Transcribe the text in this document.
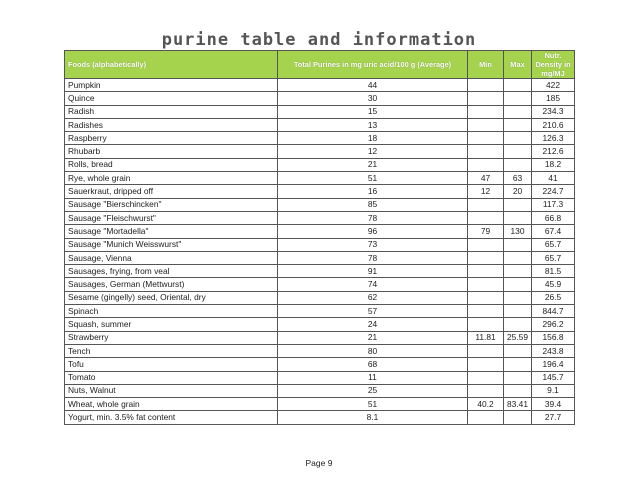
purine table and information
Foods (alphabetically)	Total Purines in mg uric acid/100 g (Average)	Min	Max	Nutr. Density in mg/MJ
Pumpkin	44			422
Quince	30			185
Radish	15			234.3
Radishes	13			210.6
Raspberry	18			126.3
Rhubarb	12			212.6
Rolls, bread	21			18.2
Rye, whole grain	51	47	63	41
Sauerkraut, dripped off	16	12	20	224.7
Sausage "Bierschincken"	85			117.3
Sausage "Fleischwurst"	78			66.8
Sausage "Mortadella"	96	79	130	67.4
Sausage "Munich Weisswurst"	73			65.7
Sausage, Vienna	78			65.7
Sausages, frying, from veal	91			81.5
Sausages, German (Mettwurst)	74			45.9
Sesame (gingelly) seed, Oriental, dry	62			26.5
Spinach	57			844.7
Squash, summer	24			296.2
Strawberry	21	11.81	25.59	156.8
Tench	80			243.8
Tofu	68			196.4
Tomato	11			145.7
Nuts, Walnut	25			9.1
Wheat, whole grain	51	40.2	83.41	39.4
Yogurt, min. 3.5% fat content	8.1			27.7
Page 9
